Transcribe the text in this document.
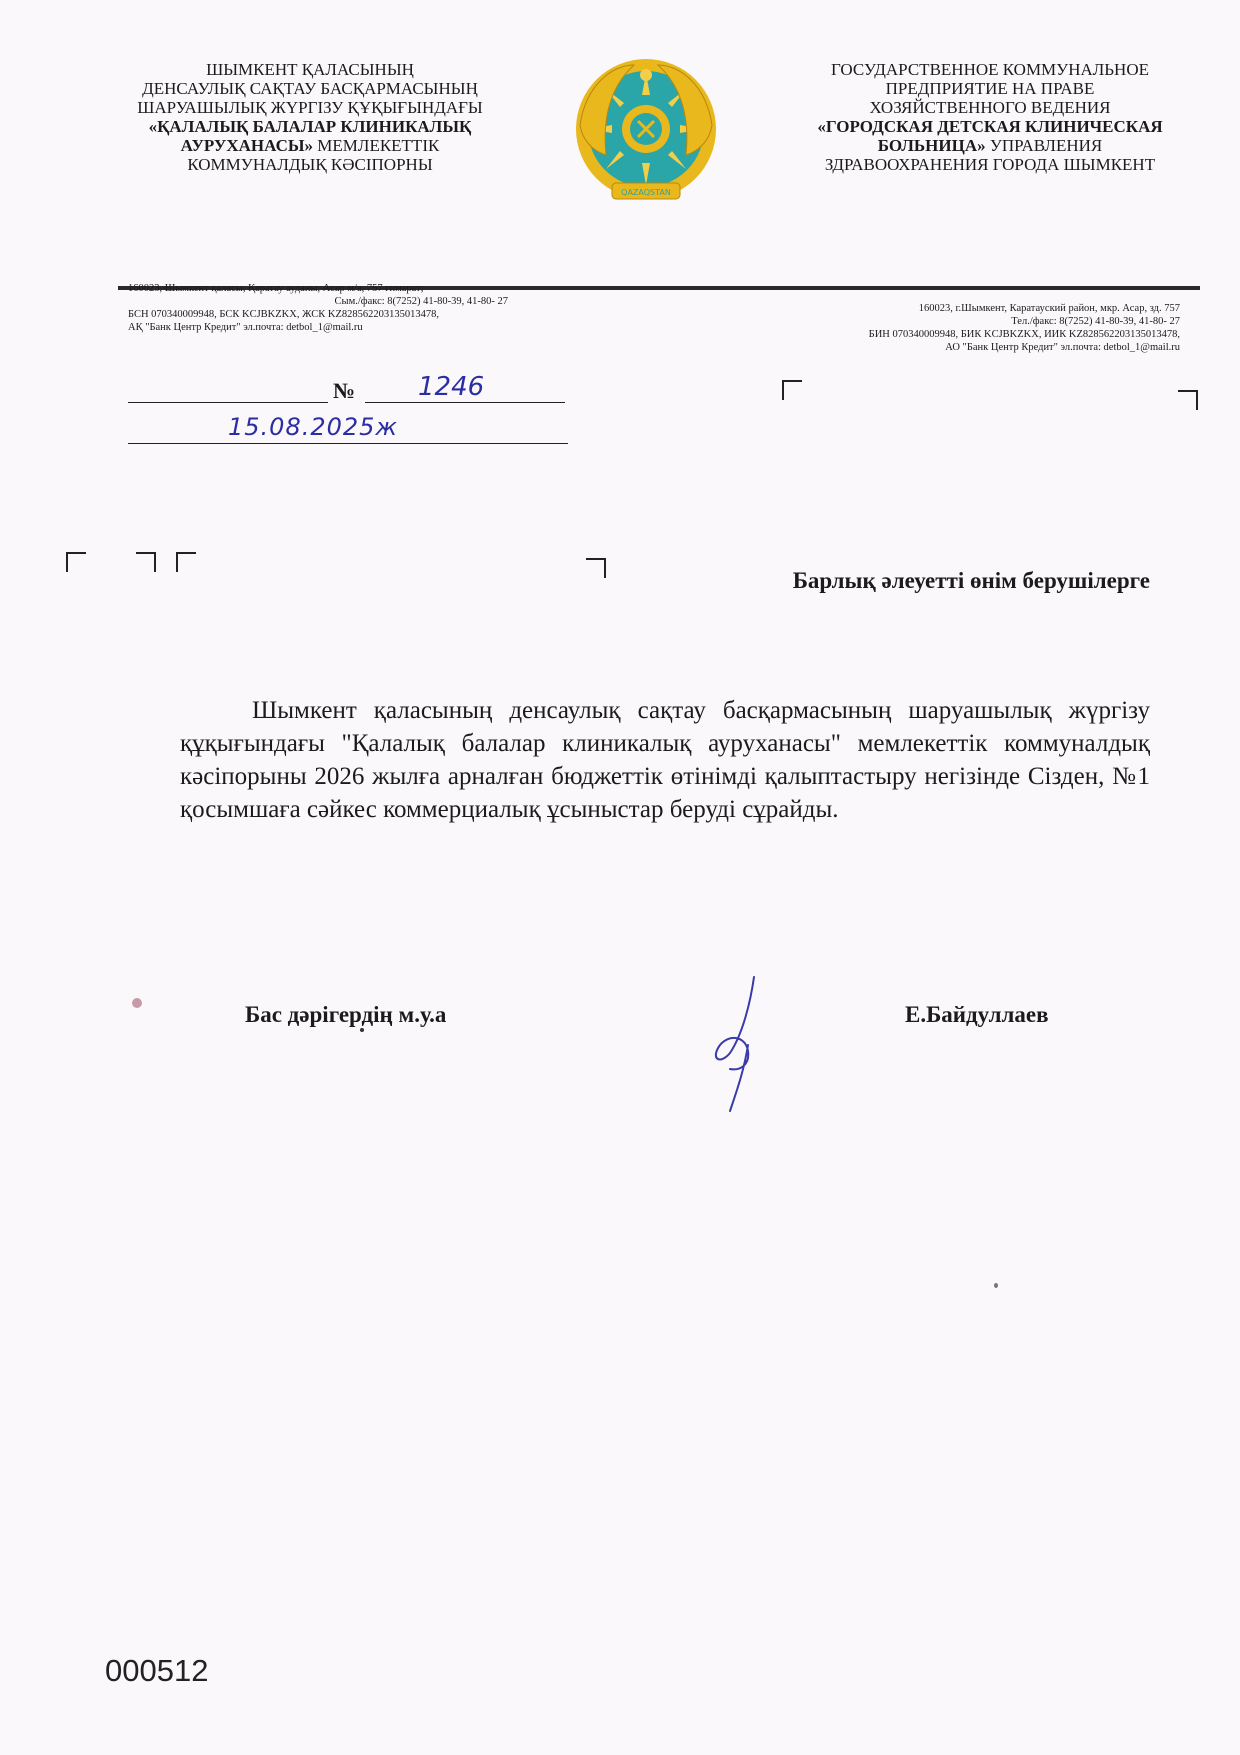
ШЫМКЕНТ ҚАЛАСЫНЫҢ
ДЕНСАУЛЫҚ САҚТАУ БАСҚАРМАСЫНЫҢ
ШАРУАШЫЛЫҚ ЖҮРГІЗУ ҚҰҚЫҒЫНДАҒЫ
«ҚАЛАЛЫҚ БАЛАЛАР КЛИНИКАЛЫҚ
АУРУХАНАСЫ» МЕМЛЕКЕТТІК
КОММУНАЛДЫҚ КӘСІПОРНЫ
QAZAQSTAN
ГОСУДАРСТВЕННОЕ КОММУНАЛЬНОЕ
ПРЕДПРИЯТИЕ НА ПРАВЕ
ХОЗЯЙСТВЕННОГО ВЕДЕНИЯ
«ГОРОДСКАЯ ДЕТСКАЯ КЛИНИЧЕСКАЯ
БОЛЬНИЦА» УПРАВЛЕНИЯ
ЗДРАВООХРАНЕНИЯ ГОРОДА ШЫМКЕНТ
160023, Шымкент қаласы, Қаратау ауданы, Асар м/а, 757 ғимарат;
Сым./факс: 8(7252) 41-80-39, 41-80- 27
БСН 070340009948, БСК KCJBKZKX, ЖСК KZ828562203135013478,
АҚ "Банк Центр Кредит" эл.почта: detbol_1@mail.ru
160023, г.Шымкент, Каратауский район, мкр. Асар, зд. 757
Тел./факс: 8(7252) 41-80-39, 41-80- 27
БИН 070340009948, БИК KCJBKZKX, ИИК KZ828562203135013478,
АО "Банк Центр Кредит" эл.почта: detbol_1@mail.ru
№ 1246
15.08.2025ж
Барлық әлеуетті өнім берушілерге
Шымкент қаласының денсаулық сақтау басқармасының шаруашылық жүргізу құқығындағы "Қалалық балалар клиникалық ауруханасы" мемлекеттік коммуналдық кәсіпорыны 2026 жылға арналған бюджеттік өтінімді қалыптастыру негізінде Сізден, №1 қосымшаға сәйкес коммерциалық ұсыныстар беруді сұрайды.
Бас дәрігердің м.у.а	Е.Байдуллаев
000512
